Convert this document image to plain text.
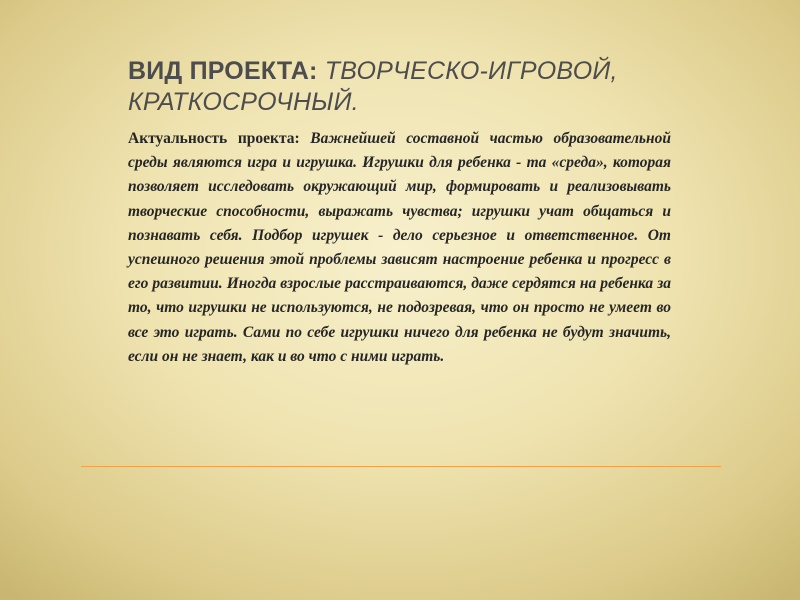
ВИД ПРОЕКТА: ТВОРЧЕСКО-ИГРОВОЙ, КРАТКОСРОЧНЫЙ.

Актуальность проекта: Важнейшей составной частью образовательной среды являются игра и игрушка. Игрушки для ребенка - та «среда», которая позволяет исследовать окружающий мир, формировать и реализовывать творческие способности, выражать чувства; игрушки учат общаться и познавать себя. Подбор игрушек - дело серьезное и ответственное. От успешного решения этой проблемы зависят настроение ребенка и прогресс в его развитии. Иногда взрослые расстраиваются, даже сердятся на ребенка за то, что игрушки не используются, не подозревая, что он просто не умеет во все это играть. Сами по себе игрушки ничего для ребенка не будут значить, если он не знает, как и во что с ними играть.
